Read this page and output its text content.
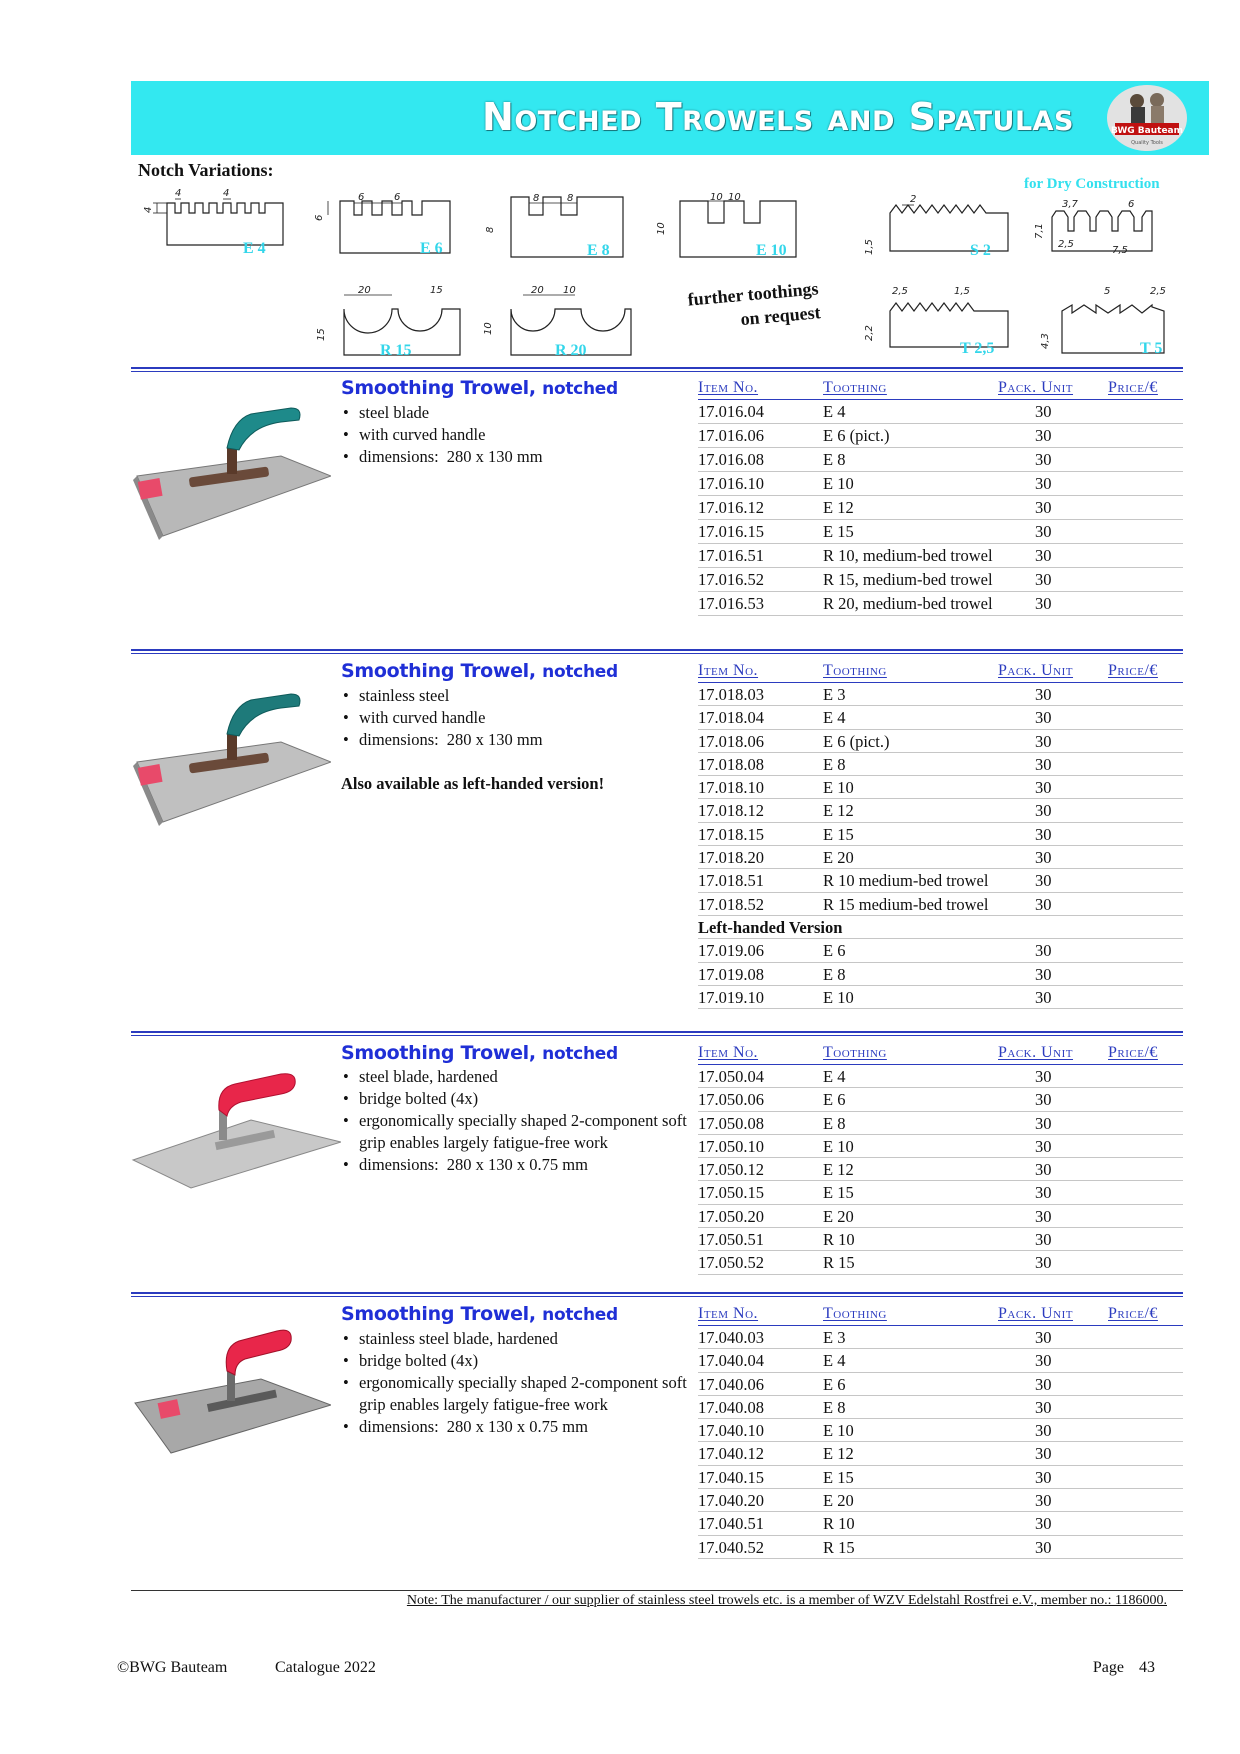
Notched Trowels and Spatulas	BWG Bauteam
Quality Tools
Notch Variations:
for Dry Construction
4
4	4
E 4
6
6	6
E 6
8	8
8
E 8
10 10
10
E 10
2
1,5	S 2
3,7	6
7,1
2,5
7,5
20	15
15
R 15
20 10
10
R 20
further toothings
on request
2,5	1,5
2,2
T 2,5
5	2,5
4,3	T 5
Smoothing Trowel, notched
• steel blade
• with curved handle
• dimensions: 280 x 130 mm
Item No.	Toothing	Pack. Unit Price/€
17.016.04	E 4	30
17.016.06	E 6 (pict.)	30
17.016.08	E 8	30
17.016.10	E 10	30
17.016.12	E 12	30
17.016.15	E 15	30
17.016.51	R 10, medium-bed trowel	30
17.016.52	R 15, medium-bed trowel	30
17.016.53	R 20, medium-bed trowel	30
Smoothing Trowel, notched
• stainless steel
• with curved handle
• dimensions: 280 x 130 mm
Also available as left-handed version!
Item No.	Toothing	Pack. Unit Price/€
17.018.03	E 3	30
17.018.04	E 4	30
17.018.06	E 6 (pict.)	30
17.018.08	E 8	30
17.018.10	E 10	30
17.018.12	E 12	30
17.018.15	E 15	30
17.018.20	E 20	30
17.018.51	R 10 medium-bed trowel	30
17.018.52	R 15 medium-bed trowel	30
Left-handed Version
17.019.06	E 6	30
17.019.08	E 8	30
17.019.10	E 10	30
Smoothing Trowel, notched
• steel blade, hardened
• bridge bolted (4x)
• ergonomically specially shaped 2-component soft grip enables largely fatigue-free work
• dimensions: 280 x 130 x 0.75 mm
Item No.	Toothing	Pack. Unit Price/€
17.050.04	E 4	30
17.050.06	E 6	30
17.050.08	E 8	30
17.050.10	E 10	30
17.050.12	E 12	30
17.050.15	E 15	30
17.050.20	E 20	30
17.050.51	R 10	30
17.050.52	R 15	30
Smoothing Trowel, notched
• stainless steel blade, hardened
• bridge bolted (4x)
• ergonomically specially shaped 2-component soft grip enables largely fatigue-free work
• dimensions: 280 x 130 x 0.75 mm
Item No.	Toothing	Pack. Unit Price/€
17.040.03	E 3	30
17.040.04	E 4	30
17.040.06	E 6	30
17.040.08	E 8	30
17.040.10	E 10	30
17.040.12	E 12	30
17.040.15	E 15	30
17.040.20	E 20	30
17.040.51	R 10	30
17.040.52	R 15	30
Note: The manufacturer / our supplier of stainless steel trowels etc. is a member of WZV Edelstahl Rostfrei e.V., member no.: 1186000.
©BWG Bauteam	Catalogue 2022	Page 43
